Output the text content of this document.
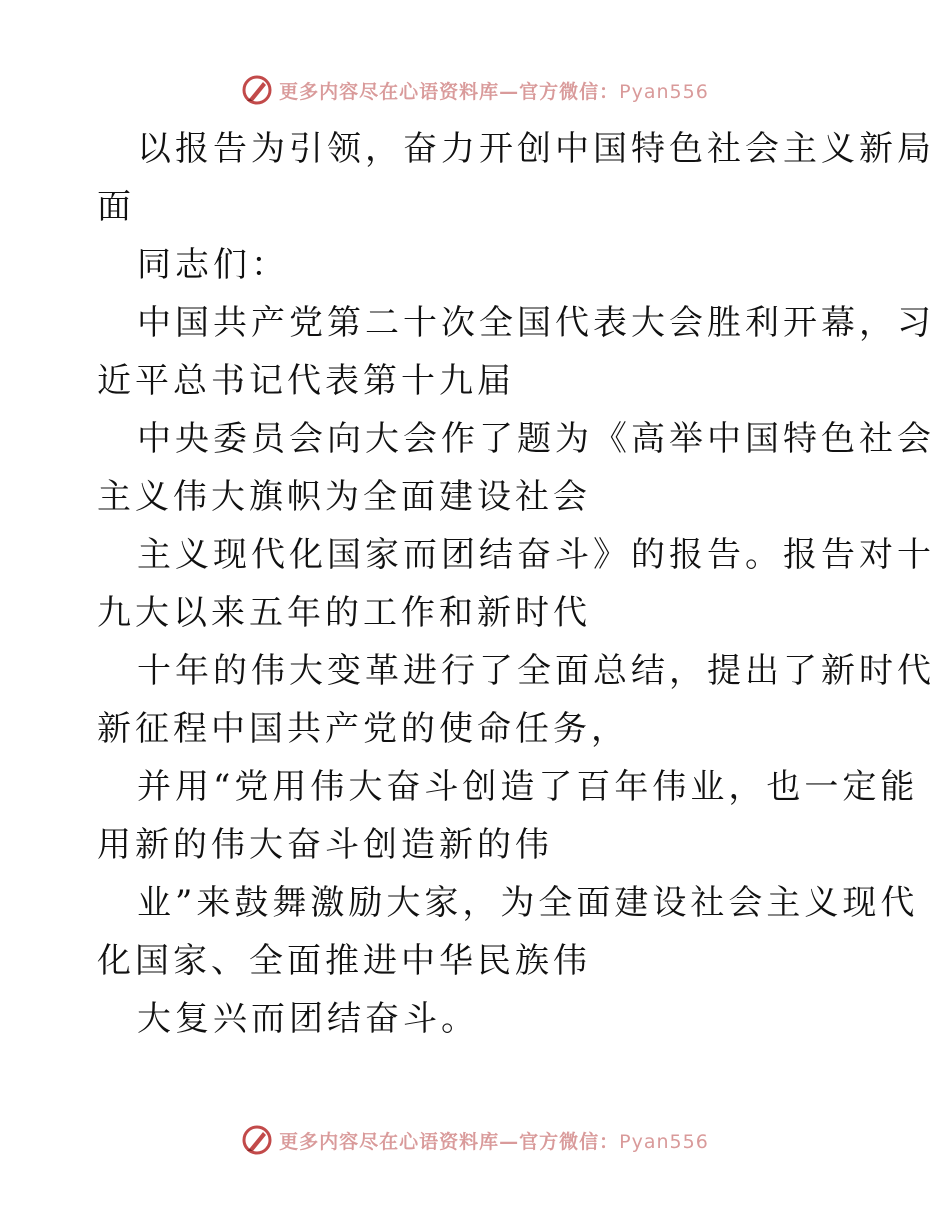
更多内容尽在心语资料库—官方微信：Pyan556
以报告为引领，奋力开创中国特色社会主义新局
面
同志们：
中国共产党第二十次全国代表大会胜利开幕，习
近平总书记代表第十九届
中央委员会向大会作了题为《高举中国特色社会
主义伟大旗帜为全面建设社会
主义现代化国家而团结奋斗》的报告。报告对十
九大以来五年的工作和新时代
十年的伟大变革进行了全面总结，提出了新时代
新征程中国共产党的使命任务，
并用“党用伟大奋斗创造了百年伟业，也一定能
用新的伟大奋斗创造新的伟
业”来鼓舞激励大家，为全面建设社会主义现代
化国家、全面推进中华民族伟
大复兴而团结奋斗。
更多内容尽在心语资料库—官方微信：Pyan556
